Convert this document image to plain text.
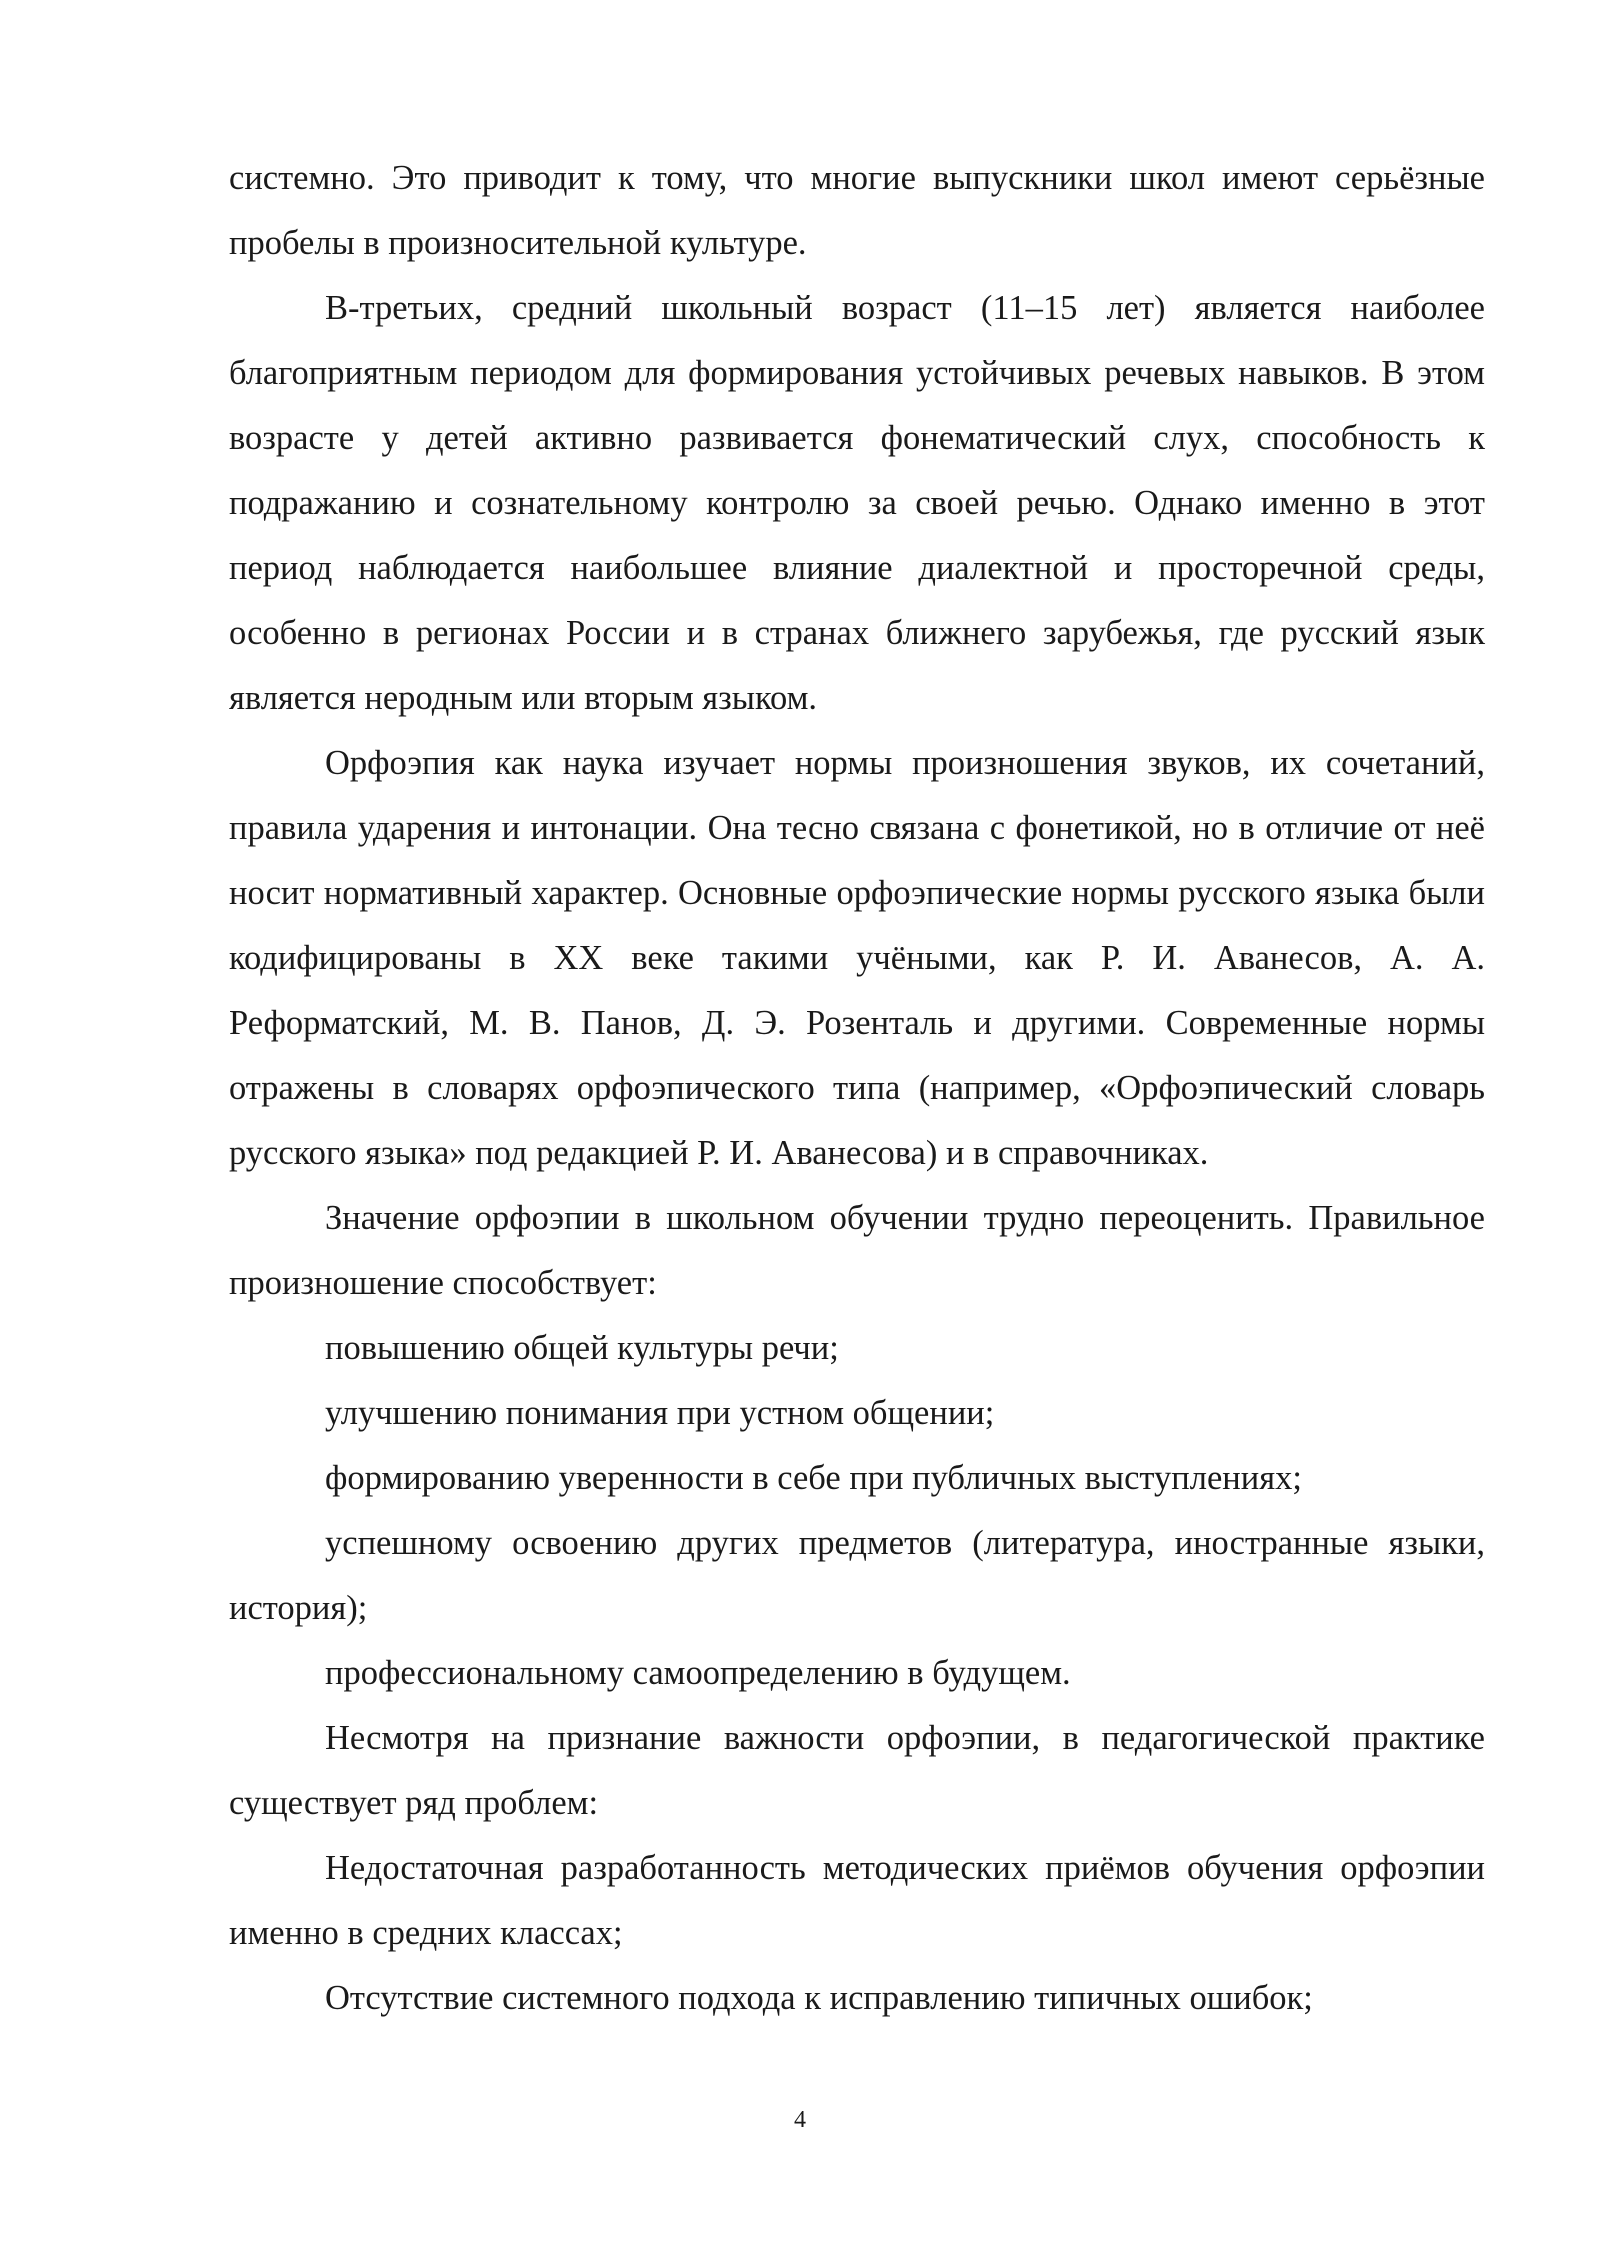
системно. Это приводит к тому, что многие выпускники школ имеют серьёзные пробелы в произносительной культуре.

В-третьих, средний школьный возраст (11–15 лет) является наиболее благоприятным периодом для формирования устойчивых речевых навыков. В этом возрасте у детей активно развивается фонематический слух, способность к подражанию и сознательному контролю за своей речью. Однако именно в этот период наблюдается наибольшее влияние диалектной и просторечной среды, особенно в регионах России и в странах ближнего зарубежья, где русский язык является неродным или вторым языком.

Орфоэпия как наука изучает нормы произношения звуков, их сочетаний, правила ударения и интонации. Она тесно связана с фонетикой, но в отличие от неё носит нормативный характер. Основные орфоэпические нормы русского языка были кодифицированы в XX веке такими учёными, как Р. И. Аванесов, А. А. Реформатский, М. В. Панов, Д. Э. Розенталь и другими. Современные нормы отражены в словарях орфоэпического типа (например, «Орфоэпический словарь русского языка» под редакцией Р. И. Аванесова) и в справочниках.

Значение орфоэпии в школьном обучении трудно переоценить. Правильное произношение способствует:

повышению общей культуры речи;

улучшению понимания при устном общении;

формированию уверенности в себе при публичных выступлениях;

успешному освоению других предметов (литература, иностранные языки, история);

профессиональному самоопределению в будущем.

Несмотря на признание важности орфоэпии, в педагогической практике существует ряд проблем:

Недостаточная разработанность методических приёмов обучения орфоэпии именно в средних классах;

Отсутствие системного подхода к исправлению типичных ошибок;

4
